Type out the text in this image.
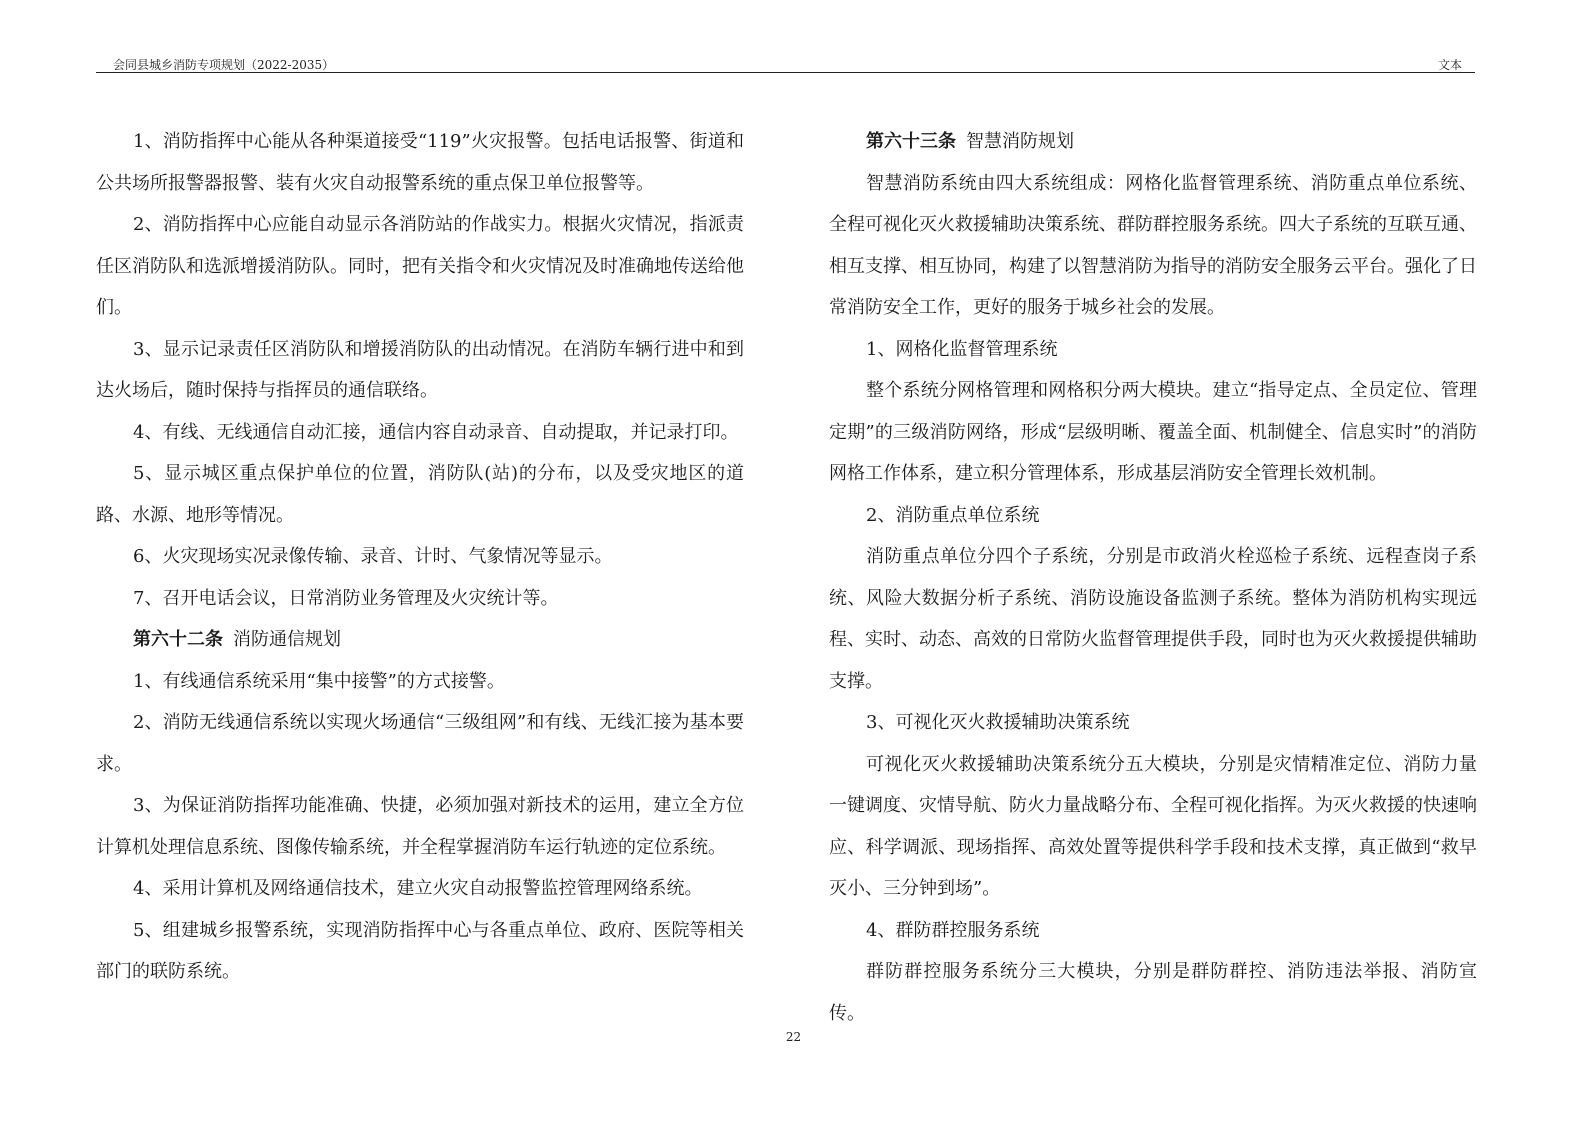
会同县城乡消防专项规划（2022-2035）	文本

1、消防指挥中心能从各种渠道接受“119”火灾报警。包括电话报警、街道和公共场所报警器报警、装有火灾自动报警系统的重点保卫单位报警等。

2、消防指挥中心应能自动显示各消防站的作战实力。根据火灾情况，指派责任区消防队和选派增援消防队。同时，把有关指令和火灾情况及时准确地传送给他们。

3、显示记录责任区消防队和增援消防队的出动情况。在消防车辆行进中和到达火场后，随时保持与指挥员的通信联络。

4、有线、无线通信自动汇接，通信内容自动录音、自动提取，并记录打印。

5、显示城区重点保护单位的位置，消防队(站)的分布，以及受灾地区的道路、水源、地形等情况。

6、火灾现场实况录像传输、录音、计时、气象情况等显示。

7、召开电话会议，日常消防业务管理及火灾统计等。

第六十二条 消防通信规划

1、有线通信系统采用“集中接警”的方式接警。

2、消防无线通信系统以实现火场通信“三级组网”和有线、无线汇接为基本要求。

3、为保证消防指挥功能准确、快捷，必须加强对新技术的运用，建立全方位计算机处理信息系统、图像传输系统，并全程掌握消防车运行轨迹的定位系统。

4、采用计算机及网络通信技术，建立火灾自动报警监控管理网络系统。

5、组建城乡报警系统，实现消防指挥中心与各重点单位、政府、医院等相关部门的联防系统。

第六十三条 智慧消防规划

智慧消防系统由四大系统组成：网格化监督管理系统、消防重点单位系统、全程可视化灭火救援辅助决策系统、群防群控服务系统。四大子系统的互联互通、相互支撑、相互协同，构建了以智慧消防为指导的消防安全服务云平台。强化了日常消防安全工作，更好的服务于城乡社会的发展。

1、网格化监督管理系统

整个系统分网格管理和网格积分两大模块。建立“指导定点、全员定位、管理定期”的三级消防网络，形成“层级明晰、覆盖全面、机制健全、信息实时”的消防网格工作体系，建立积分管理体系，形成基层消防安全管理长效机制。

2、消防重点单位系统

消防重点单位分四个子系统，分别是市政消火栓巡检子系统、远程查岗子系统、风险大数据分析子系统、消防设施设备监测子系统。整体为消防机构实现远程、实时、动态、高效的日常防火监督管理提供手段，同时也为灭火救援提供辅助支撑。

3、可视化灭火救援辅助决策系统

可视化灭火救援辅助决策系统分五大模块，分别是灾情精准定位、消防力量一键调度、灾情导航、防火力量战略分布、全程可视化指挥。为灭火救援的快速响应、科学调派、现场指挥、高效处置等提供科学手段和技术支撑，真正做到“救早灭小、三分钟到场”。

4、群防群控服务系统

群防群控服务系统分三大模块，分别是群防群控、消防违法举报、消防宣传。

22
